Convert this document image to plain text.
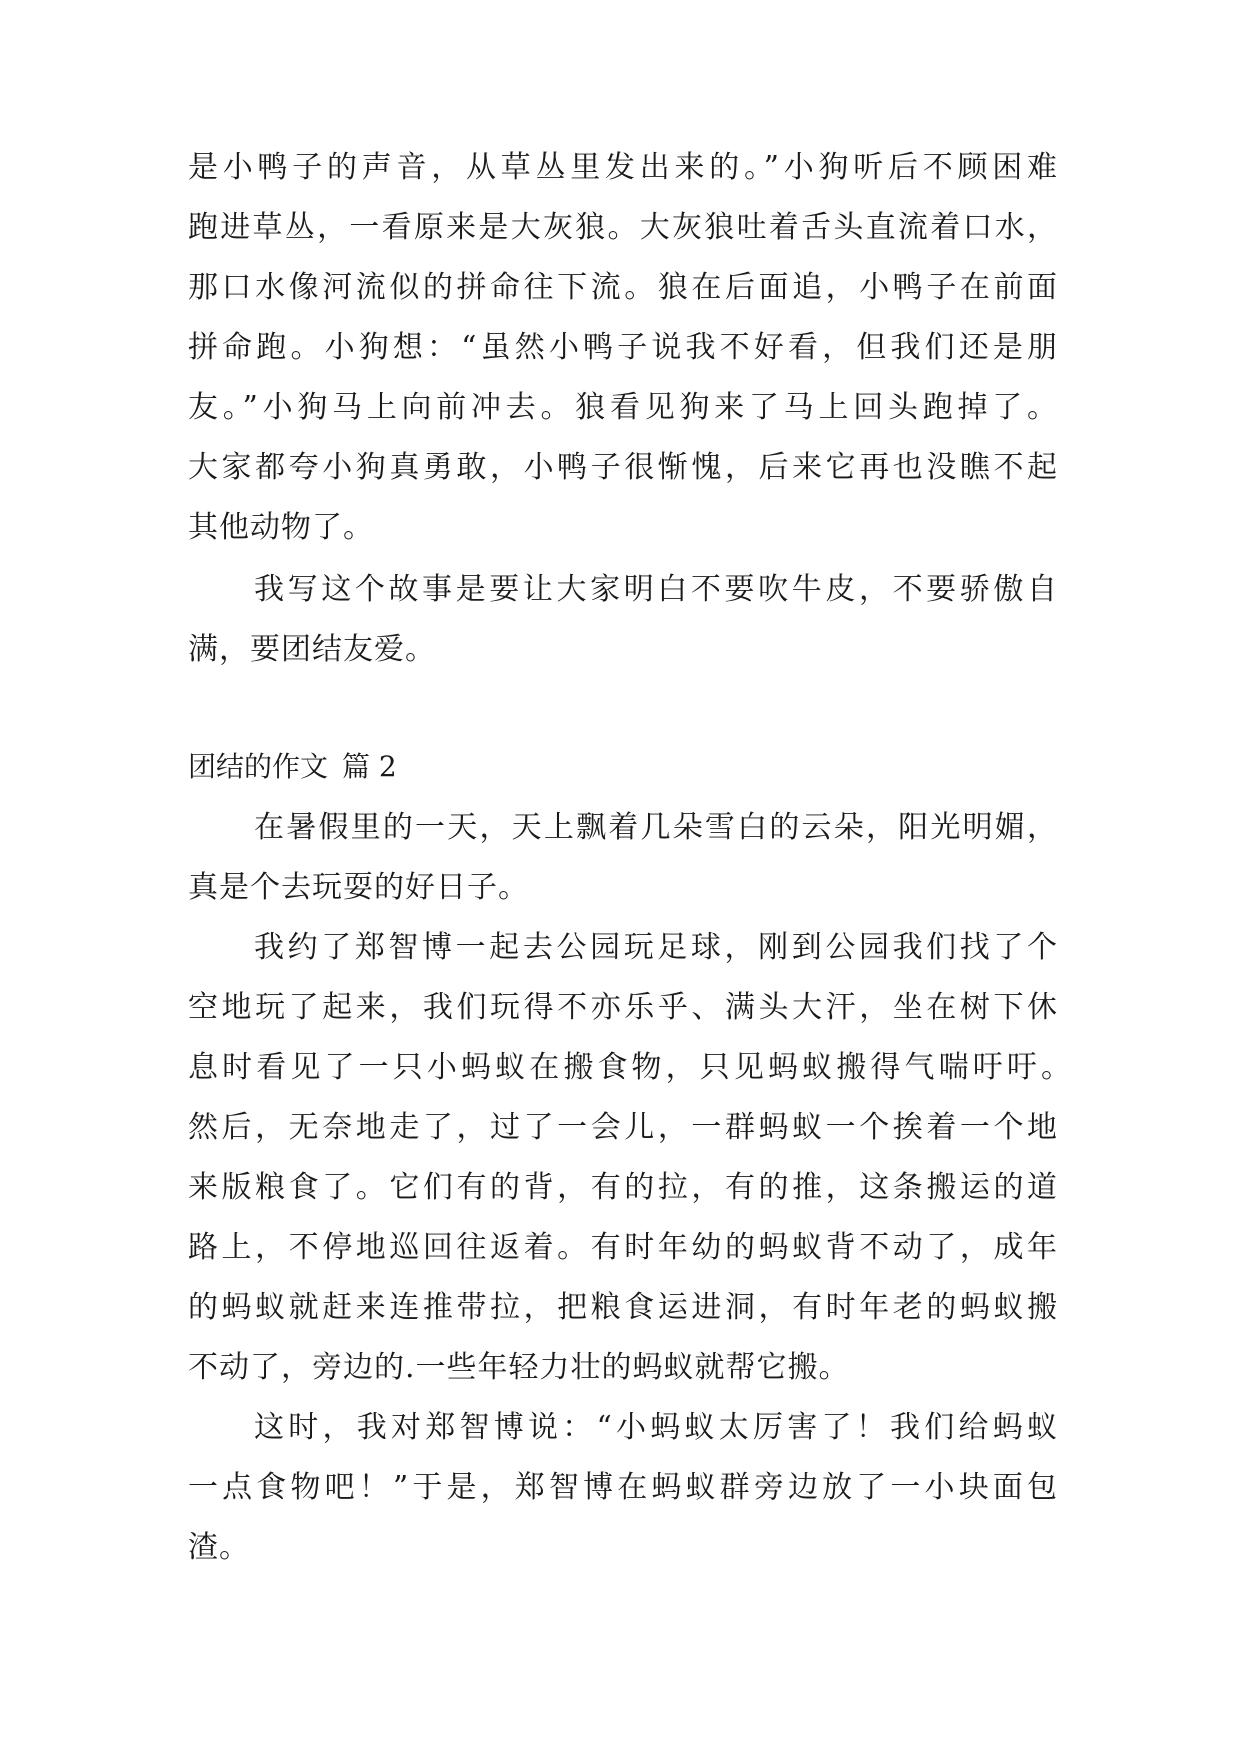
是小鸭子的声音，从草丛里发出来的。”小狗听后不顾困难
跑进草丛，一看原来是大灰狼。大灰狼吐着舌头直流着口水，
那口水像河流似的拼命往下流。狼在后面追，小鸭子在前面
拼命跑。小狗想：“虽然小鸭子说我不好看，但我们还是朋
友。”小狗马上向前冲去。狼看见狗来了马上回头跑掉了。
大家都夸小狗真勇敢，小鸭子很惭愧，后来它再也没瞧不起
其他动物了。
我写这个故事是要让大家明白不要吹牛皮，不要骄傲自
满，要团结友爱。
团结的作文 篇 2
在暑假里的一天，天上飘着几朵雪白的云朵，阳光明媚，
真是个去玩耍的好日子。
我约了郑智博一起去公园玩足球，刚到公园我们找了个
空地玩了起来，我们玩得不亦乐乎、满头大汗，坐在树下休
息时看见了一只小蚂蚁在搬食物，只见蚂蚁搬得气喘吁吁。
然后，无奈地走了，过了一会儿，一群蚂蚁一个挨着一个地
来版粮食了。它们有的背，有的拉，有的推，这条搬运的道
路上，不停地巡回往返着。有时年幼的蚂蚁背不动了，成年
的蚂蚁就赶来连推带拉，把粮食运进洞，有时年老的蚂蚁搬
不动了，旁边的.一些年轻力壮的蚂蚁就帮它搬。
这时，我对郑智博说：“小蚂蚁太厉害了！我们给蚂蚁
一点食物吧！”于是，郑智博在蚂蚁群旁边放了一小块面包
渣。
